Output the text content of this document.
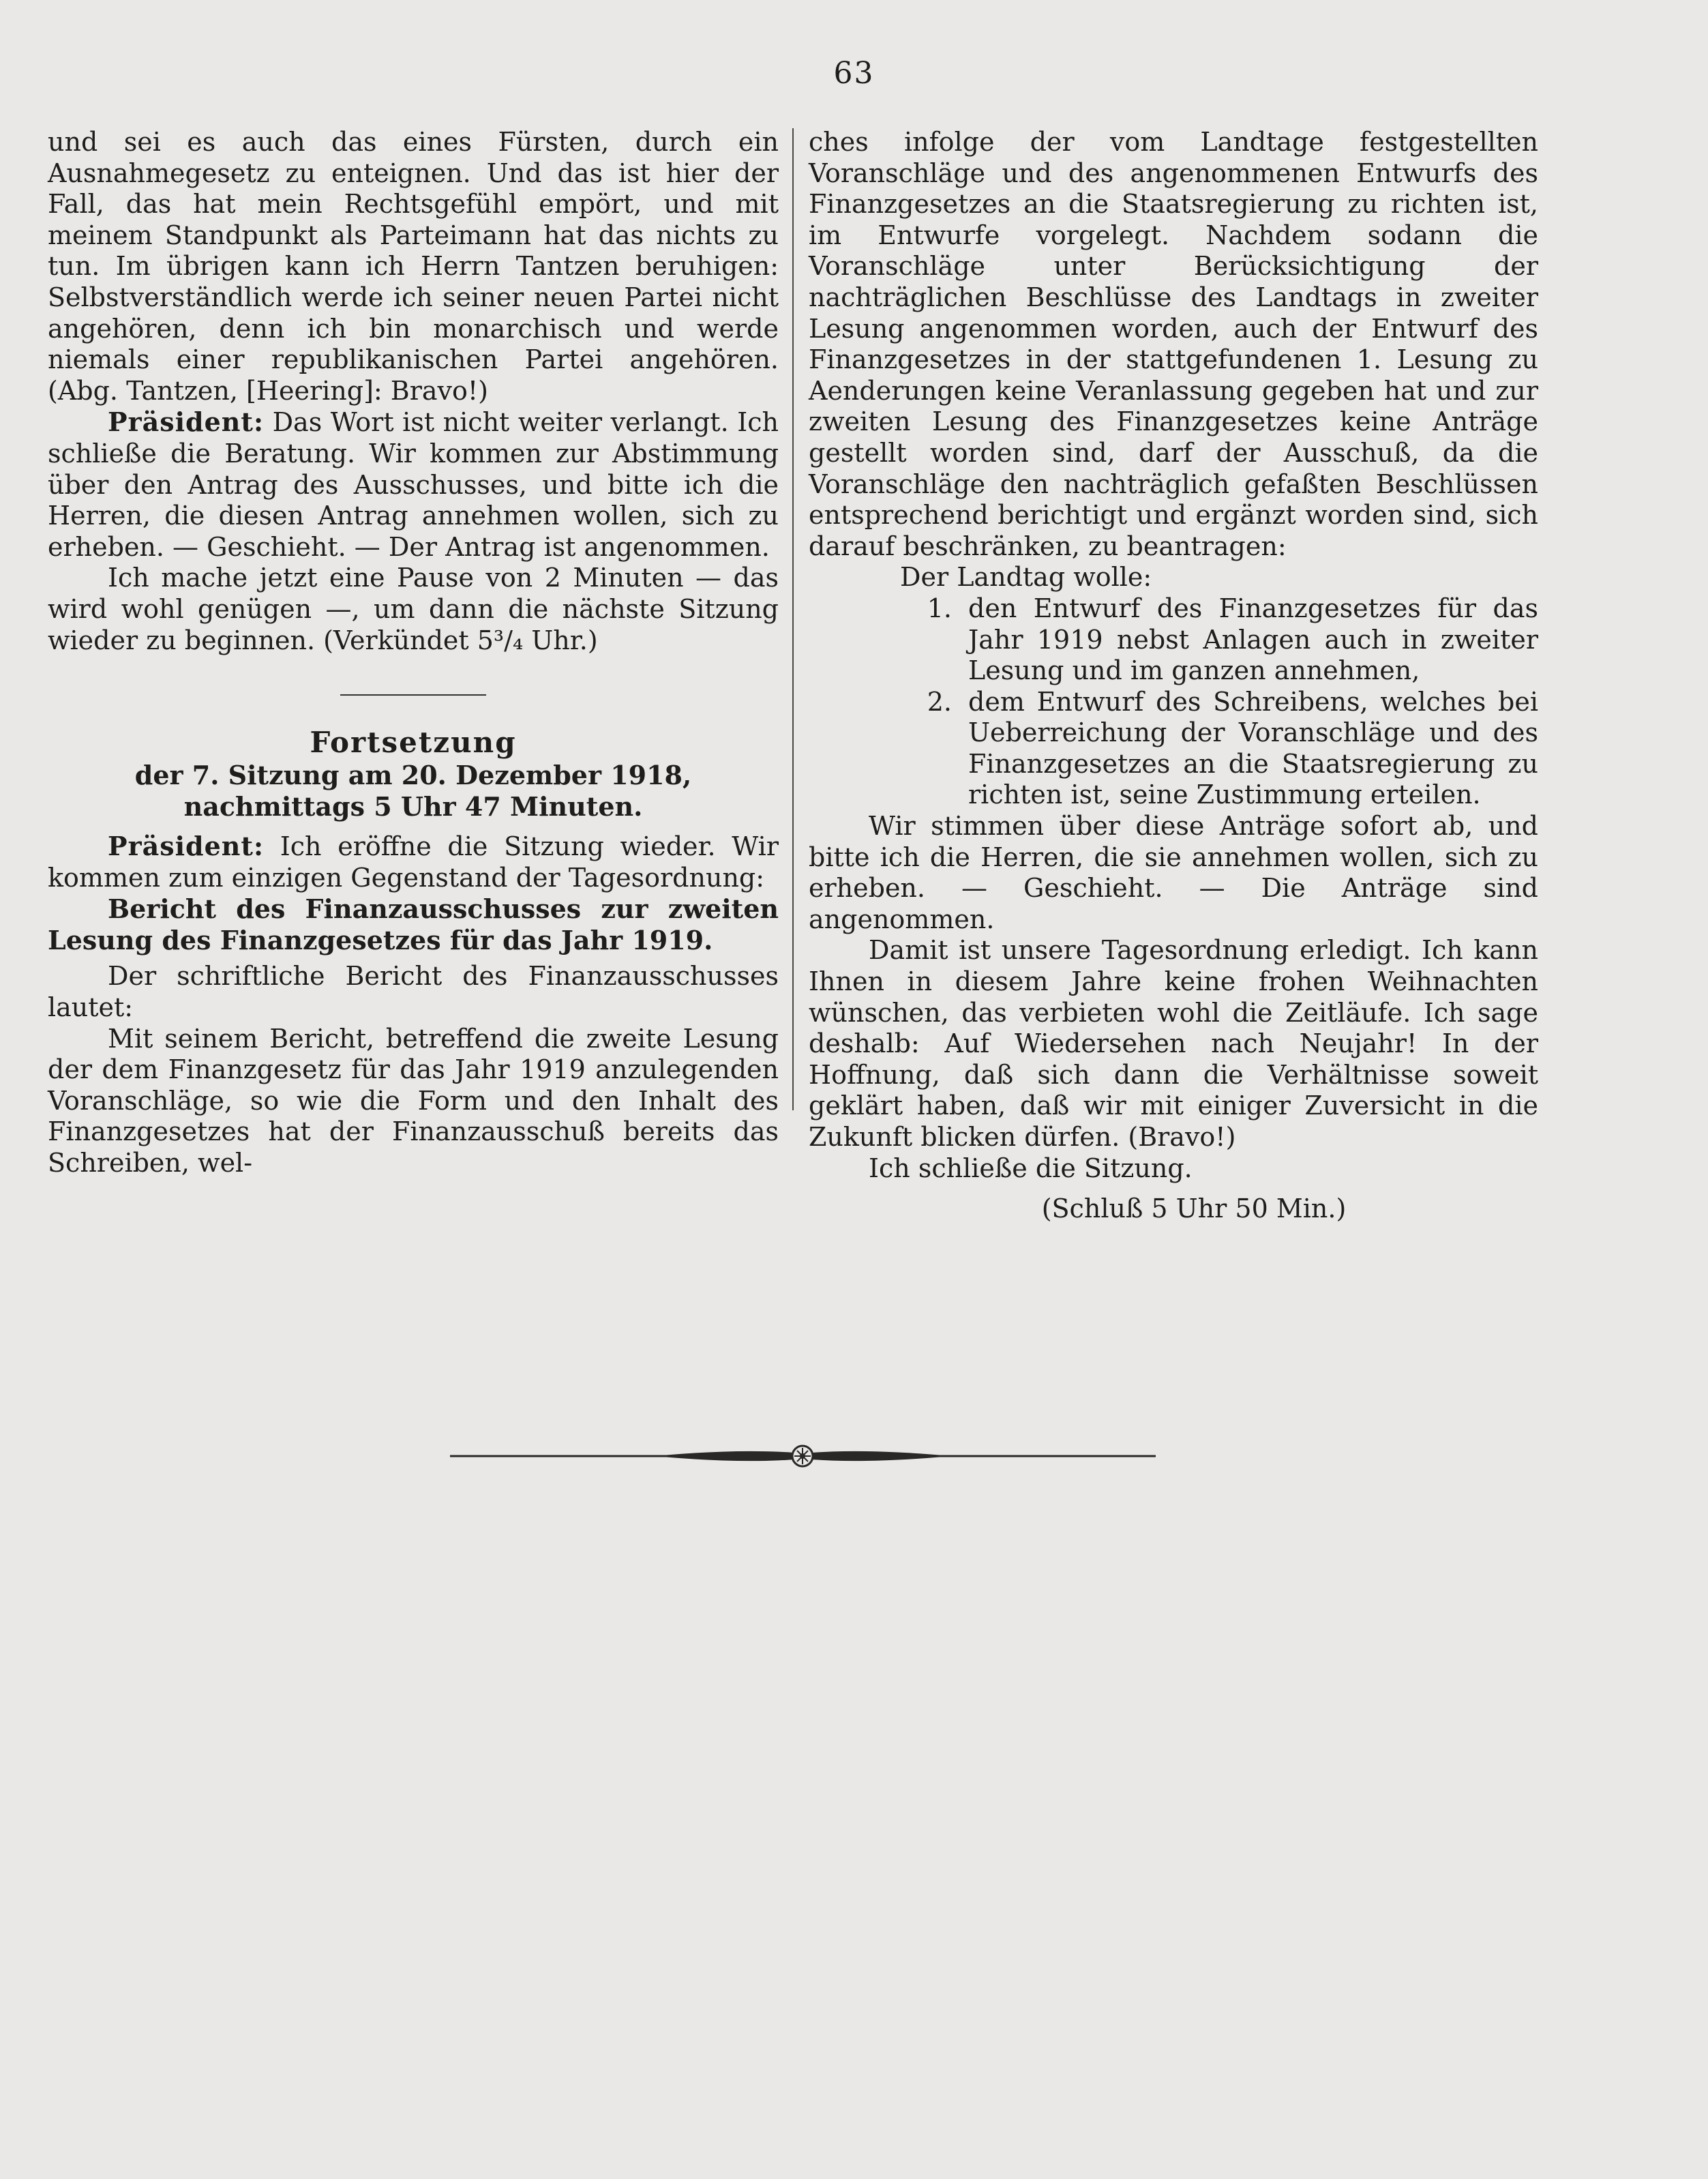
63

und sei es auch das eines Fürsten, durch ein Ausnahmegesetz zu enteignen. Und das ist hier der Fall, das hat mein Rechtsgefühl empört, und mit meinem Standpunkt als Parteimann hat das nichts zu tun. Im übrigen kann ich Herrn Tantzen beruhigen: Selbstverständlich werde ich seiner neuen Partei nicht angehören, denn ich bin monarchisch und werde niemals einer republikanischen Partei angehören. (Abg. Tantzen, [Heering]: Bravo!)

Präsident: Das Wort ist nicht weiter verlangt. Ich schließe die Beratung. Wir kommen zur Abstimmung über den Antrag des Ausschusses, und bitte ich die Herren, die diesen Antrag annehmen wollen, sich zu erheben. — Geschieht. — Der Antrag ist angenommen.

Ich mache jetzt eine Pause von 2 Minuten — das wird wohl genügen —, um dann die nächste Sitzung wieder zu beginnen. (Verkündet 5³/₄ Uhr.)

Fortsetzung
der 7. Sitzung am 20. Dezember 1918, nachmittags 5 Uhr 47 Minuten.

Präsident: Ich eröffne die Sitzung wieder. Wir kommen zum einzigen Gegenstand der Tagesordnung:

Bericht des Finanzausschusses zur zweiten Lesung des Finanzgesetzes für das Jahr 1919.

Der schriftliche Bericht des Finanzausschusses lautet:

Mit seinem Bericht, betreffend die zweite Lesung der dem Finanzgesetz für das Jahr 1919 anzulegenden Voranschläge, so wie die Form und den Inhalt des Finanzgesetzes hat der Finanzausschuß bereits das Schreiben, wel-

ches infolge der vom Landtage festgestellten Voranschläge und des angenommenen Entwurfs des Finanzgesetzes an die Staatsregierung zu richten ist, im Entwurfe vorgelegt. Nachdem sodann die Voranschläge unter Berücksichtigung der nachträglichen Beschlüsse des Landtags in zweiter Lesung angenommen worden, auch der Entwurf des Finanzgesetzes in der stattgefundenen 1. Lesung zu Aenderungen keine Veranlassung gegeben hat und zur zweiten Lesung des Finanzgesetzes keine Anträge gestellt worden sind, darf der Ausschuß, da die Voranschläge den nachträglich gefaßten Beschlüssen entsprechend berichtigt und ergänzt worden sind, sich darauf beschränken, zu beantragen:

Der Landtag wolle:

1. den Entwurf des Finanzgesetzes für das Jahr 1919 nebst Anlagen auch in zweiter Lesung und im ganzen annehmen,
2. dem Entwurf des Schreibens, welches bei Ueberreichung der Voranschläge und des Finanzgesetzes an die Staatsregierung zu richten ist, seine Zustimmung erteilen.

Wir stimmen über diese Anträge sofort ab, und bitte ich die Herren, die sie annehmen wollen, sich zu erheben. — Geschieht. — Die Anträge sind angenommen.

Damit ist unsere Tagesordnung erledigt. Ich kann Ihnen in diesem Jahre keine frohen Weihnachten wünschen, das verbieten wohl die Zeitläufe. Ich sage deshalb: Auf Wiedersehen nach Neujahr! In der Hoffnung, daß sich dann die Verhältnisse soweit geklärt haben, daß wir mit einiger Zuversicht in die Zukunft blicken dürfen. (Bravo!)

Ich schließe die Sitzung.

(Schluß 5 Uhr 50 Min.)
